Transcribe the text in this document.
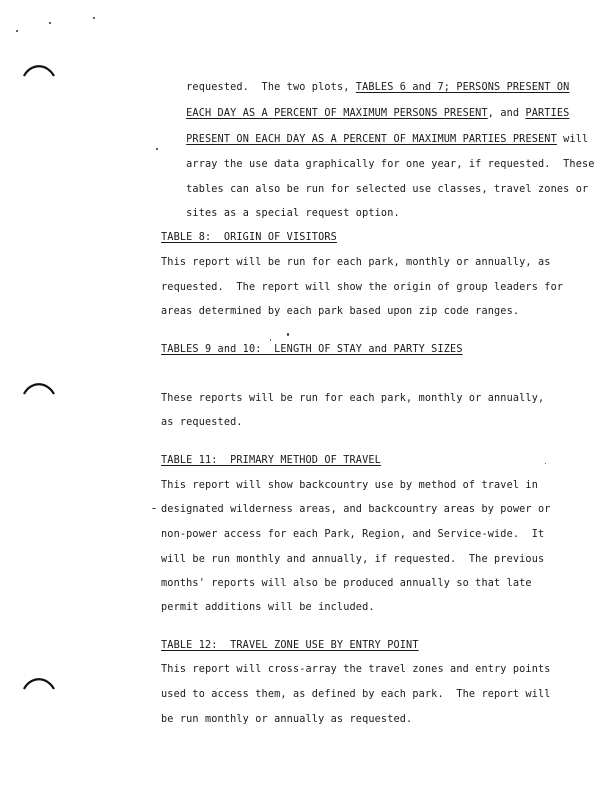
requested.  The two plots, TABLES 6 and 7; PERSONS PRESENT ON

EACH DAY AS A PERCENT OF MAXIMUM PERSONS PRESENT, and PARTIES

PRESENT ON EACH DAY AS A PERCENT OF MAXIMUM PARTIES PRESENT will

array the use data graphically for one year, if requested.  These

tables can also be run for selected use classes, travel zones or

sites as a special request option.

TABLE 8:  ORIGIN OF VISITORS
This report will be run for each park, monthly or annually, as
requested.  The report will show the origin of group leaders for
areas determined by each park based upon zip code ranges.
TABLES 9 and 10:  LENGTH OF STAY and PARTY SIZES
These reports will be run for each park, monthly or annually,
as requested.
TABLE 11:  PRIMARY METHOD OF TRAVEL
This report will show backcountry use by method of travel in
designated wilderness areas, and backcountry areas by power or
non-power access for each Park, Region, and Service-wide.  It
will be run monthly and annually, if requested.  The previous
months' reports will also be produced annually so that late
permit additions will be included.
TABLE 12:  TRAVEL ZONE USE BY ENTRY POINT
This report will cross-array the travel zones and entry points
used to access them, as defined by each park.  The report will
be run monthly or annually as requested.
